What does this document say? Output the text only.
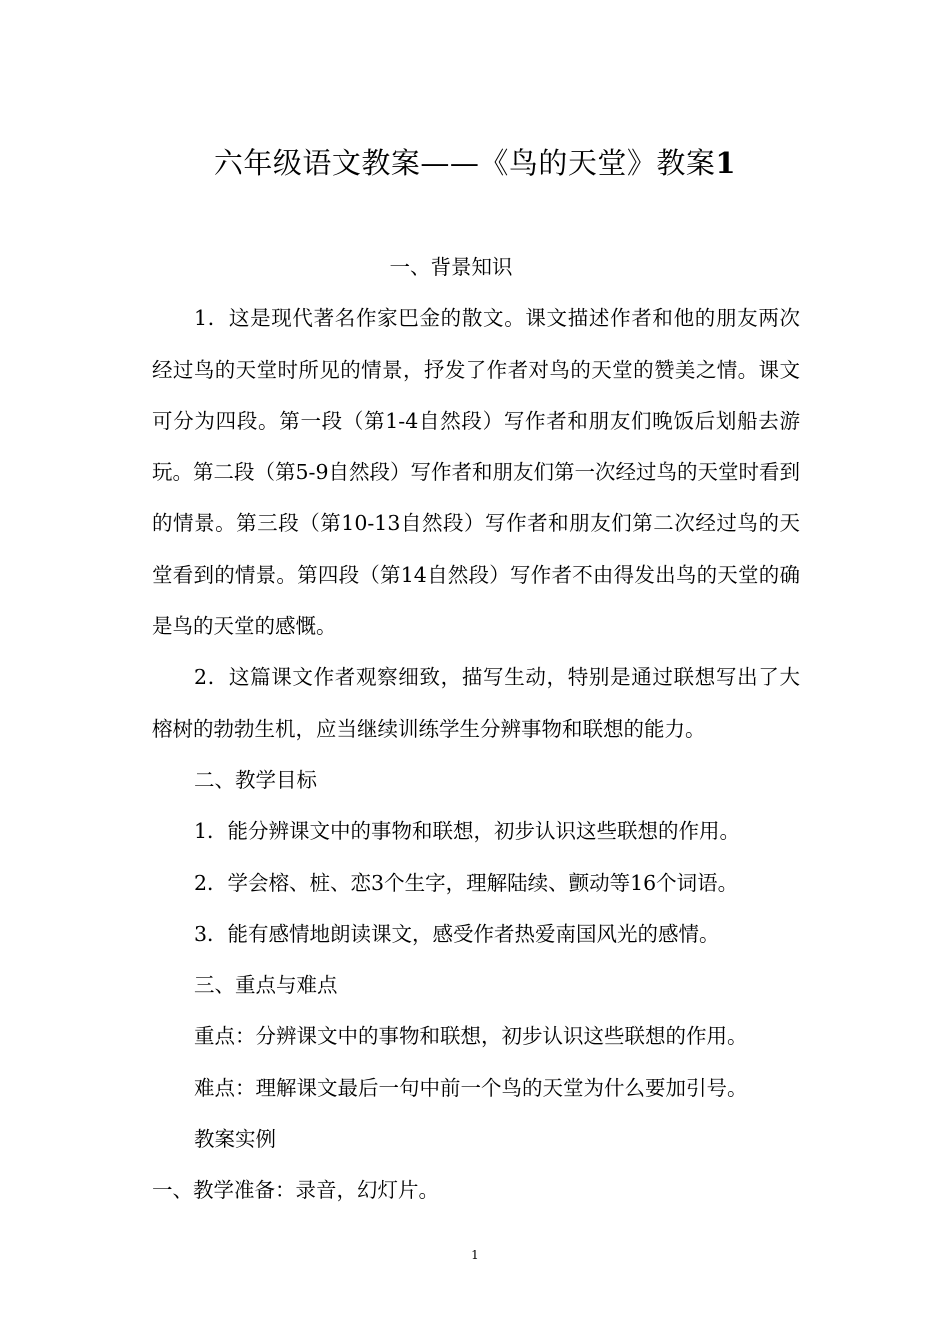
六年级语文教案——《鸟的天堂》教案1

一、背景知识

1．这是现代著名作家巴金的散文。课文描述作者和他的朋友两次经过鸟的天堂时所见的情景，抒发了作者对鸟的天堂的赞美之情。课文可分为四段。第一段（第1-4自然段）写作者和朋友们晚饭后划船去游玩。第二段（第5-9自然段）写作者和朋友们第一次经过鸟的天堂时看到的情景。第三段（第10-13自然段）写作者和朋友们第二次经过鸟的天堂看到的情景。第四段（第14自然段）写作者不由得发出鸟的天堂的确是鸟的天堂的感慨。

2．这篇课文作者观察细致，描写生动，特别是通过联想写出了大榕树的勃勃生机，应当继续训练学生分辨事物和联想的能力。

二、教学目标

1．能分辨课文中的事物和联想，初步认识这些联想的作用。

2．学会榕、桩、恋3个生字，理解陆续、颤动等16个词语。

3．能有感情地朗读课文，感受作者热爱南国风光的感情。

三、重点与难点

重点：分辨课文中的事物和联想，初步认识这些联想的作用。

难点：理解课文最后一句中前一个鸟的天堂为什么要加引号。

教案实例

一、教学准备：录音，幻灯片。

1
